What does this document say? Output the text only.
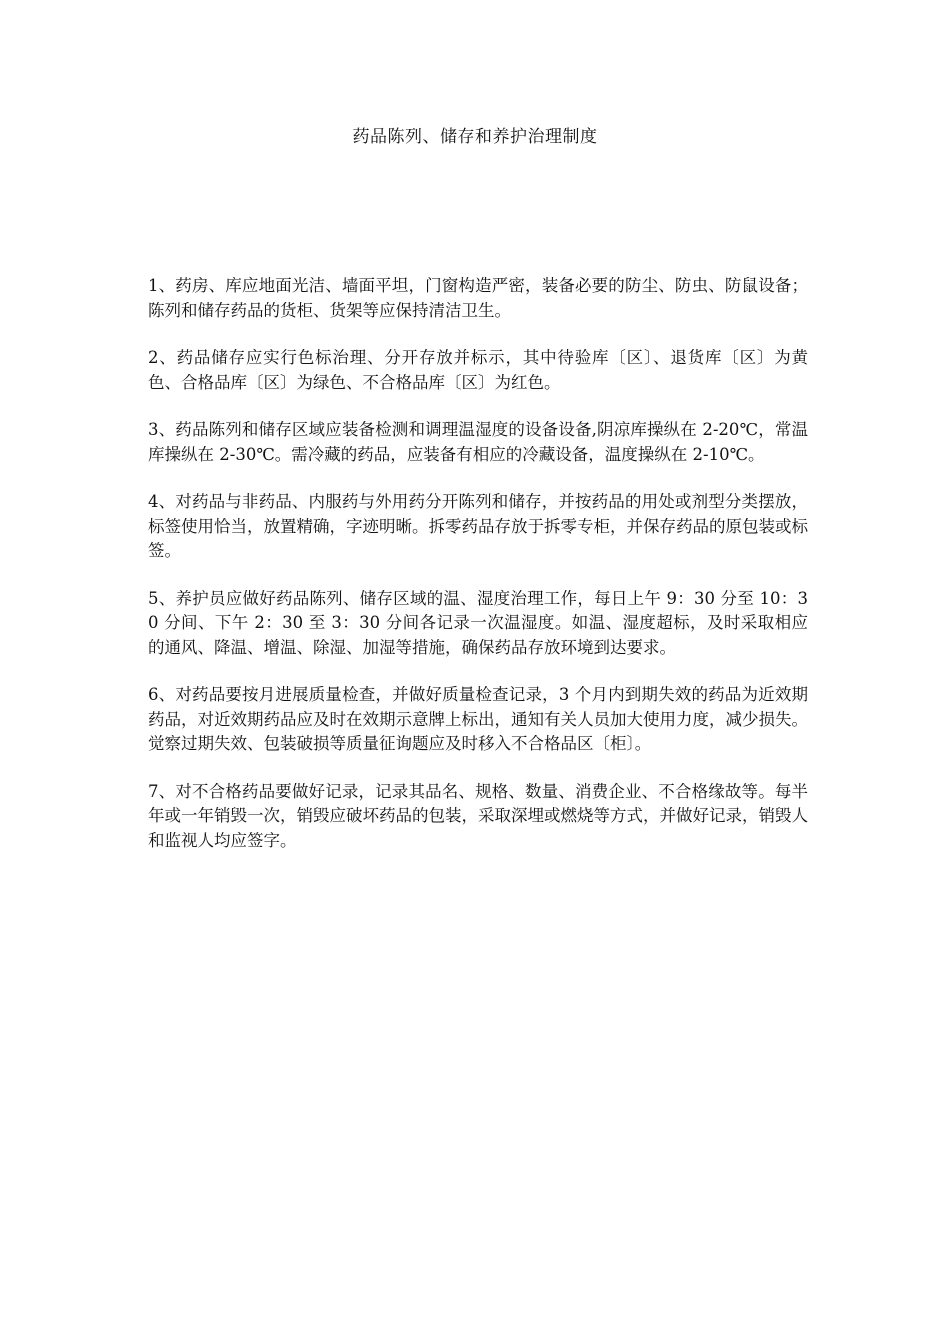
药品陈列、储存和养护治理制度

1、药房、库应地面光洁、墙面平坦，门窗构造严密，装备必要的防尘、防虫、防鼠设备；陈列和储存药品的货柜、货架等应保持清洁卫生。

2、药品储存应实行色标治理、分开存放并标示，其中待验库〔区〕、退货库〔区〕为黄色、合格品库〔区〕为绿色、不合格品库〔区〕为红色。

3、药品陈列和储存区域应装备检测和调理温湿度的设备设备,阴凉库操纵在 2-20℃，常温库操纵在 2-30℃。需冷藏的药品，应装备有相应的冷藏设备，温度操纵在 2-10℃。

4、对药品与非药品、内服药与外用药分开陈列和储存，并按药品的用处或剂型分类摆放，标签使用恰当，放置精确，字迹明晰。拆零药品存放于拆零专柜，并保存药品的原包装或标签。

5、养护员应做好药品陈列、储存区域的温、湿度治理工作，每日上午 9：30 分至 10：30 分间、下午 2：30 至 3：30 分间各记录一次温湿度。如温、湿度超标，及时采取相应的通风、降温、增温、除湿、加湿等措施，确保药品存放环境到达要求。

6、对药品要按月进展质量检查，并做好质量检查记录，3 个月内到期失效的药品为近效期药品，对近效期药品应及时在效期示意牌上标出，通知有关人员加大使用力度，减少损失。觉察过期失效、包装破损等质量征询题应及时移入不合格品区〔柜〕。

7、对不合格药品要做好记录，记录其品名、规格、数量、消费企业、不合格缘故等。每半年或一年销毁一次，销毁应破坏药品的包装，采取深埋或燃烧等方式，并做好记录，销毁人和监视人均应签字。
